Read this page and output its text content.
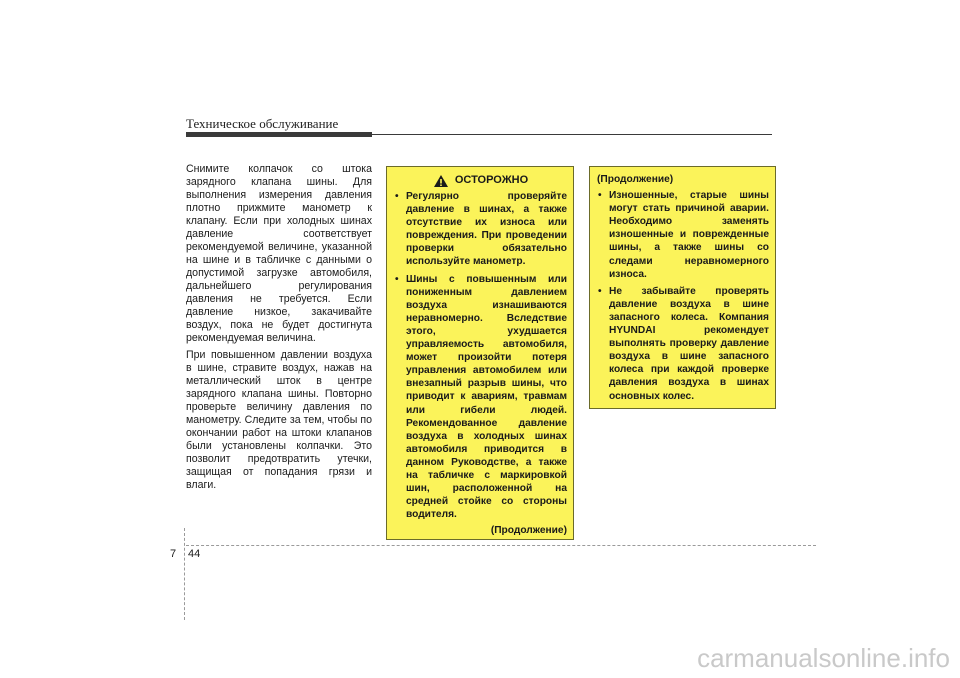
Техническое обслуживание

Снимите колпачок со штока зарядного клапана шины. Для выполнения измерения давления плотно прижмите манометр к клапану. Если при холодных шинах давление соответствует рекомендуемой величине, указанной на шине и в табличке с данными о допустимой загрузке автомобиля, дальнейшего регулирования давления не требуется. Если давление низкое, закачивайте воздух, пока не будет достигнута рекомендуемая величина.

При повышенном давлении воздуха в шине, стравите воздух, нажав на металлический шток в центре зарядного клапана шины. Повторно проверьте величину давления по манометру. Следите за тем, чтобы по окончании работ на штоки клапанов были установлены колпачки. Это позволит предотвратить утечки, защищая от попадания грязи и влаги.

ОСТОРОЖНО
• Регулярно проверяйте давление в шинах, а также отсутствие их износа или повреждения. При проведении проверки обязательно используйте манометр.
• Шины с повышенным или пониженным давлением воздуха изнашиваются неравномерно. Вследствие этого, ухудшается управляемость автомобиля, может произойти потеря управления автомобилем или внезапный разрыв шины, что приводит к авариям, травмам или гибели людей. Рекомендованное давление воздуха в холодных шинах автомобиля приводится в данном Руководстве, а также на табличке с маркировкой шин, расположенной на средней стойке со стороны водителя.
(Продолжение)
(Продолжение)
• Изношенные, старые шины могут стать причиной аварии. Необходимо заменять изношенные и поврежденные шины, а также шины со следами неравномерного износа.
• Не забывайте проверять давление воздуха в шине запасного колеса. Компания HYUNDAI рекомендует выполнять проверку давление воздуха в шине запасного колеса при каждой проверке давления воздуха в шинах основных колес.
7 44
carmanualsonline.info
